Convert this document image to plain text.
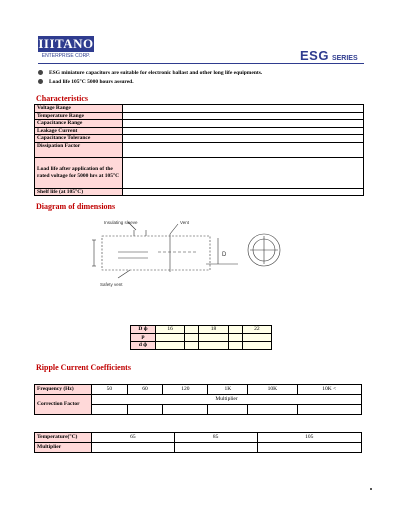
IIITANO
ENTERPRISE CORP.	ESG SERIES
ESG miniature capacitors are suitable for electronic ballast and other long life equipments.
Load life 105°C 5000 hours assured.
Characteristics
Voltage Range	
Temperature Range	
Capacitance Range	
Leakage Current	
Capacitance Tolerance	
Dissipation Factor	
Load life after application of the rated voltage for 5000 hrs at 105°C	
Shelf life (at 105°C)	
Diagram of dimensions
Insulating sleeve	Vent
Safety vent
D
D ф	16		18		22
p					
d ф					
Ripple Current Coefficients
Frequency (Hz)	50	60	120	1K	10K	10K <
Correction Factor	Multiplier					

Temperature(°C)	65	85	105
Multiplier			
